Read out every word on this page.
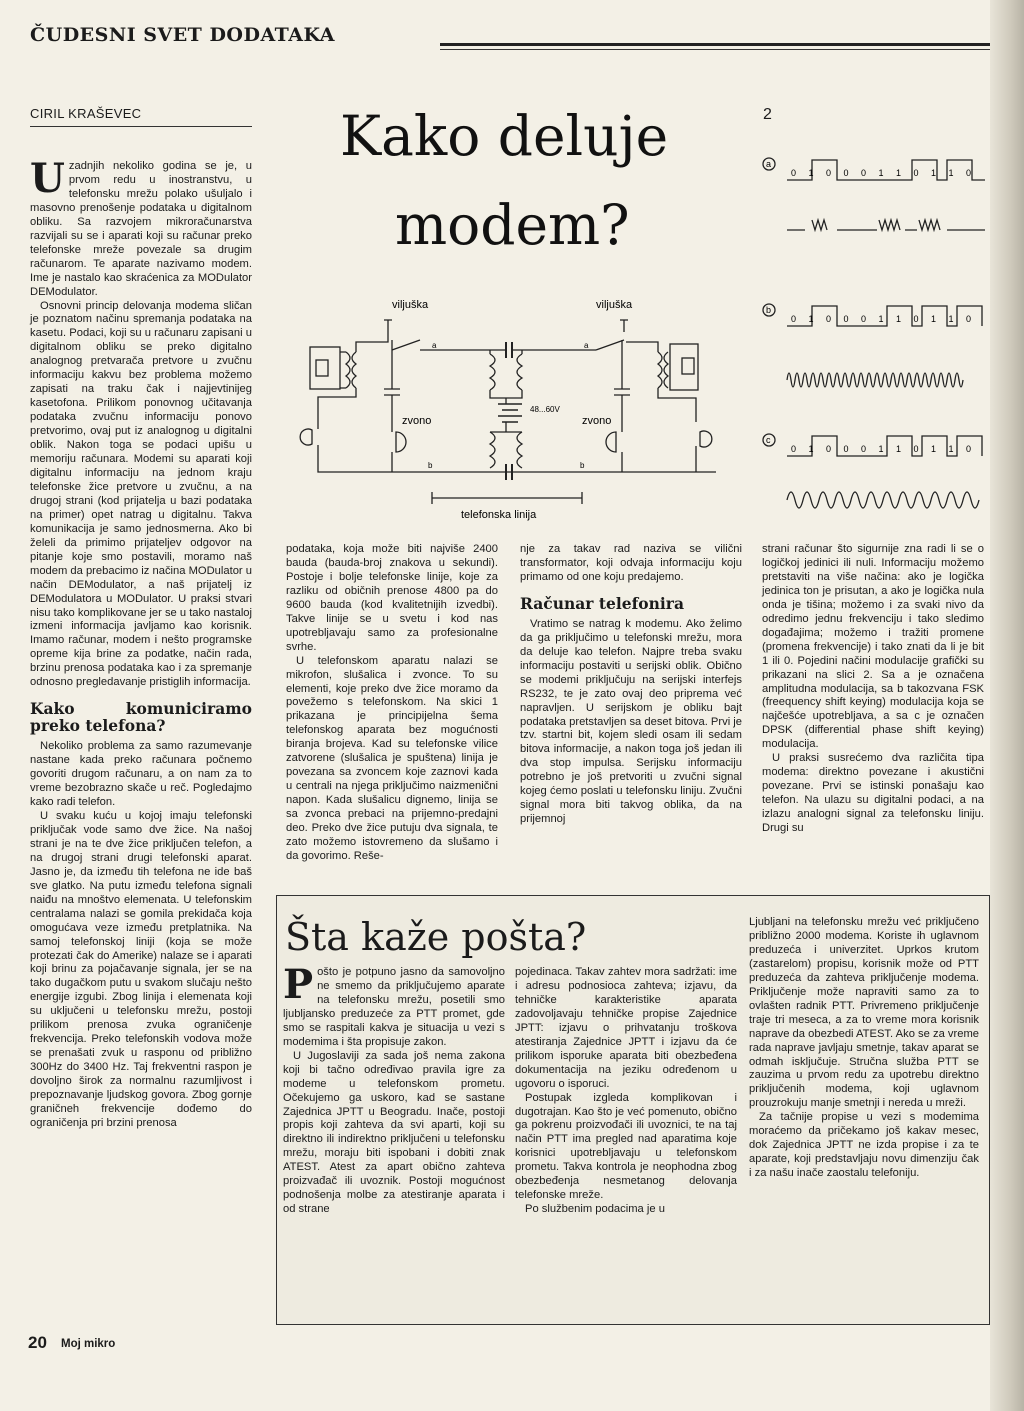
ČUDESNI SVET DODATAKA
CIRIL KRAŠEVEC	Kako deluje
modem?
viljuška	viljuška
zvono	zvono
48...60V
a	a
b	b
telefonska linija
2
a
b
c
0 1 0 0 0 1 1 0 1 1 0
0 1 0 0 0 1 1 0 1 1 0
0 1 0 0 0 1 1 0 1 1 0

Uzadnjih nekoliko godina se je, u prvom redu u inostranstvu, u telefonsku mrežu polako ušuljalo i masovno prenošenje podataka u digitalnom obliku. Sa razvojem mikroračunarstva razvijali su se i aparati koji su računar preko telefonske mreže povezale sa drugim računarom. Te aparate nazivamo modem. Ime je nastalo kao skraćenica za MODulator DEModulator.

Osnovni princip delovanja modema sličan je poznatom načinu spremanja podataka na kasetu. Podaci, koji su u računaru zapisani u digitalnom obliku se preko digitalno analognog pretvarača pretvore u zvučnu informaciju kakvu bez problema možemo zapisati na traku čak i najjevtinijeg kasetofona. Prilikom ponovnog učitavanja podataka zvučnu informaciju ponovo pretvorimo, ovaj put iz analognog u digitalni oblik. Nakon toga se podaci upišu u memoriju računara. Modemi su aparati koji digitalnu informaciju na jednom kraju telefonske žice pretvore u zvučnu, a na drugoj strani (kod prijatelja u bazi podataka na primer) opet natrag u digitalnu. Takva komunikacija je samo jednosmerna. Ako bi želeli da primimo prijateljev odgovor na pitanje koje smo postavili, moramo naš modem da prebacimo iz načina MODulator u način DEModulator, a naš prijatelj iz DEModulatora u MODulator. U praksi stvari nisu tako komplikovane jer se u tako nastaloj izmeni informacija javljamo kao korisnik. Imamo računar, modem i nešto programske opreme kija brine za podatke, način rada, brzinu prenosa podataka kao i za spremanje odnosno pregledavanje pristiglih informacija.

Kako komuniciramo preko telefona?

Nekoliko problema za samo razumevanje nastane kada preko računara počnemo govoriti drugom računaru, a on nam za to vreme bezobrazno skače u reč. Pogledajmo kako radi telefon.

U svaku kuću u kojoj imaju telefonski priključak vode samo dve žice. Na našoj strani je na te dve žice priključen telefon, a na drugoj strani drugi telefonski aparat. Jasno je, da između tih telefona ne ide baš sve glatko. Na putu između telefona signali naiđu na mnoštvo elemenata. U telefonskim centralama nalazi se gomila prekidača koja omogućava veze između pretplatnika. Na samoj telefonskoj liniji (koja se može protezati čak do Amerike) nalaze se i aparati koji brinu za pojačavanje signala, jer se na tako dugačkom putu u svakom slučaju nešto energije izgubi. Zbog linija i elemenata koji su uključeni u telefonsku mrežu, postoji prilikom prenosa zvuka ograničenje frekvencija. Preko telefonskih vodova može se prenašati zvuk u rasponu od približno 300Hz do 3400 Hz. Taj frekventni raspon je dovoljno širok za normalnu razumljivost i prepoznavanje ljudskog govora. Zbog gornje graničneh frekvencije dođemo do ograničenja pri brzini prenosa

podataka, koja može biti najviše 2400 bauda (bauda-broj znakova u sekundi). Postoje i bolje telefonske linije, koje za razliku od običnih prenose 4800 pa do 9600 bauda (kod kvalitetnijih izvedbi). Takve linije se u svetu i kod nas upotrebljavaju samo za profesionalne svrhe.

U telefonskom aparatu nalazi se mikrofon, slušalica i zvonce. To su elementi, koje preko dve žice moramo da povežemo s telefonskom. Na skici 1 prikazana je principijelna šema telefonskog aparata bez mogućnosti biranja brojeva. Kad su telefonske vilice zatvorene (slušalica je spuštena) linija je povezana sa zvoncem koje zaznovi kada u centrali na njega priključimo naizmenični napon. Kada slušalicu dignemo, linija se sa zvonca prebaci na prijemno-predajni deo. Preko dve žice putuju dva signala, te zato možemo istovremeno da slušamo i da govorimo. Reše-

nje za takav rad naziva se vilični transformator, koji odvaja informaciju koju primamo od one koju predajemo.

Računar telefonira

Vratimo se natrag k modemu. Ako želimo da ga priključimo u telefonski mrežu, mora da deluje kao telefon. Najpre treba svaku informaciju postaviti u serijski oblik. Obično se modemi priključuju na serijski interfejs RS232, te je zato ovaj deo pripremа već napravljen. U serijskom je obliku bajt podataka pretstavljen sa deset bitova. Prvi je tzv. startni bit, kojem sledi osam ili sedam bitova informacije, a nakon toga još jedan ili dva stop impulsa. Serijsku informaciju potrebno je još pretvoriti u zvučni signal kojeg ćemo poslati u telefonsku liniju. Zvučni signal mora biti takvog oblika, da na prijemnoj

strani računar što sigurnije zna radi li se o logičkoj jedinici ili nuli. Informaciju možemo pretstaviti na više načina: ako je logička jedinica ton je prisutan, a ako je logička nula onda je tišina; možemo i za svaki nivo da odredimo jednu frekvenciju i tako sledimo događajima; možemo i tražiti promene (promena frekvencije) i tako znati da li je bit 1 ili 0. Pojedini načini modulacije grafički su prikazani na slici 2. Sa a je označena amplitudna modulacija, sa b takozvana FSK (freequency shift keying) modulacija koja se najčešće upotrebljava, a sa c je označen DPSK (differential phase shift keying) modulacija.

U praksi susrećemo dva različita tipa modema: direktno povezane i akustični povezane. Prvi se istinski ponašaju kao telefon. Na ulazu su digitalni podaci, a na izlazu analogni signal za telefonsku liniju. Drugi su

Šta kaže pošta?

Pošto je potpuno jasno da samovoljno ne smemo da priključujemo aparate na telefonsku mrežu, posetili smo ljubljansko preduzeće za PTT promet, gde smo se raspitali kakva je situacija u vezi s modemima i šta propisuje zakon.

U Jugoslaviji za sada još nema zakona koji bi tačno određivao pravila igre za modeme u telefonskom prometu. Očekujemo ga uskoro, kad se sastane Zajednica JPTT u Beogradu. Inače, postoji propis koji zahteva da svi aparti, koji su direktno ili indirektno priključeni u telefonsku mrežu, moraju biti ispobani i dobiti znak ATEST. Atest za apart obično zahteva proizvađač ili uvoznik. Postoji mogućnost podnošenja molbe za atestiranje aparata i od strane

pojedinaca. Takav zahtev mora sadržati: ime i adresu podnosioca zahteva; izjavu, da tehničke karakteristike aparata zadovoljavaju tehničke propise Zajednice JPTT: izjavu o prihvatanju troškova atestiranja Zajednice JPTT i izjavu da će prilikom isporuke aparata biti obezbeđena dokumentacija na jeziku određenom u ugovoru o isporuci.

Postupak izgleda komplikovan i dugotrajan. Kao što je već pomenuto, obično ga pokrenu proizvođači ili uvoznici, te na taj način PTT ima pregled nad aparatima koje korisnici upotrebljavaju u telefonskom prometu. Takva kontrola je neophodna zbog obezbeđenja nesmetanog delovanja telefonske mreže.

Po službenim podacima je u

Ljubljani na telefonsku mrežu već priključeno približno 2000 modema. Koriste ih uglavnom preduzeća i univerzitet. Uprkos krutom (zastarelom) propisu, korisnik može od PTT preduzeća da zahteva priključenje modema. Priključenje može napraviti samo za to ovlašten radnik PTT. Privremeno priključenje traje tri meseca, a za to vreme mora korisnik naprave da obezbedi ATEST. Ako se za vreme rada naprave javljaju smetnje, takav aparat se odmah isključuje. Stručna služba PTT se zauzima u prvom redu za upotrebu direktno priključenih modema, koji uglavnom prouzrokuju manje smetnji i nereda u mreži.

Za tačnije propise u vezi s modemima moraćemo da pričekamo još kakav mesec, dok Zajednica JPTT ne izda propise i za te aparate, koji predstavljaju novu dimenziju čak i za našu inače zaostalu telefoniju.

20 Moj mikro
